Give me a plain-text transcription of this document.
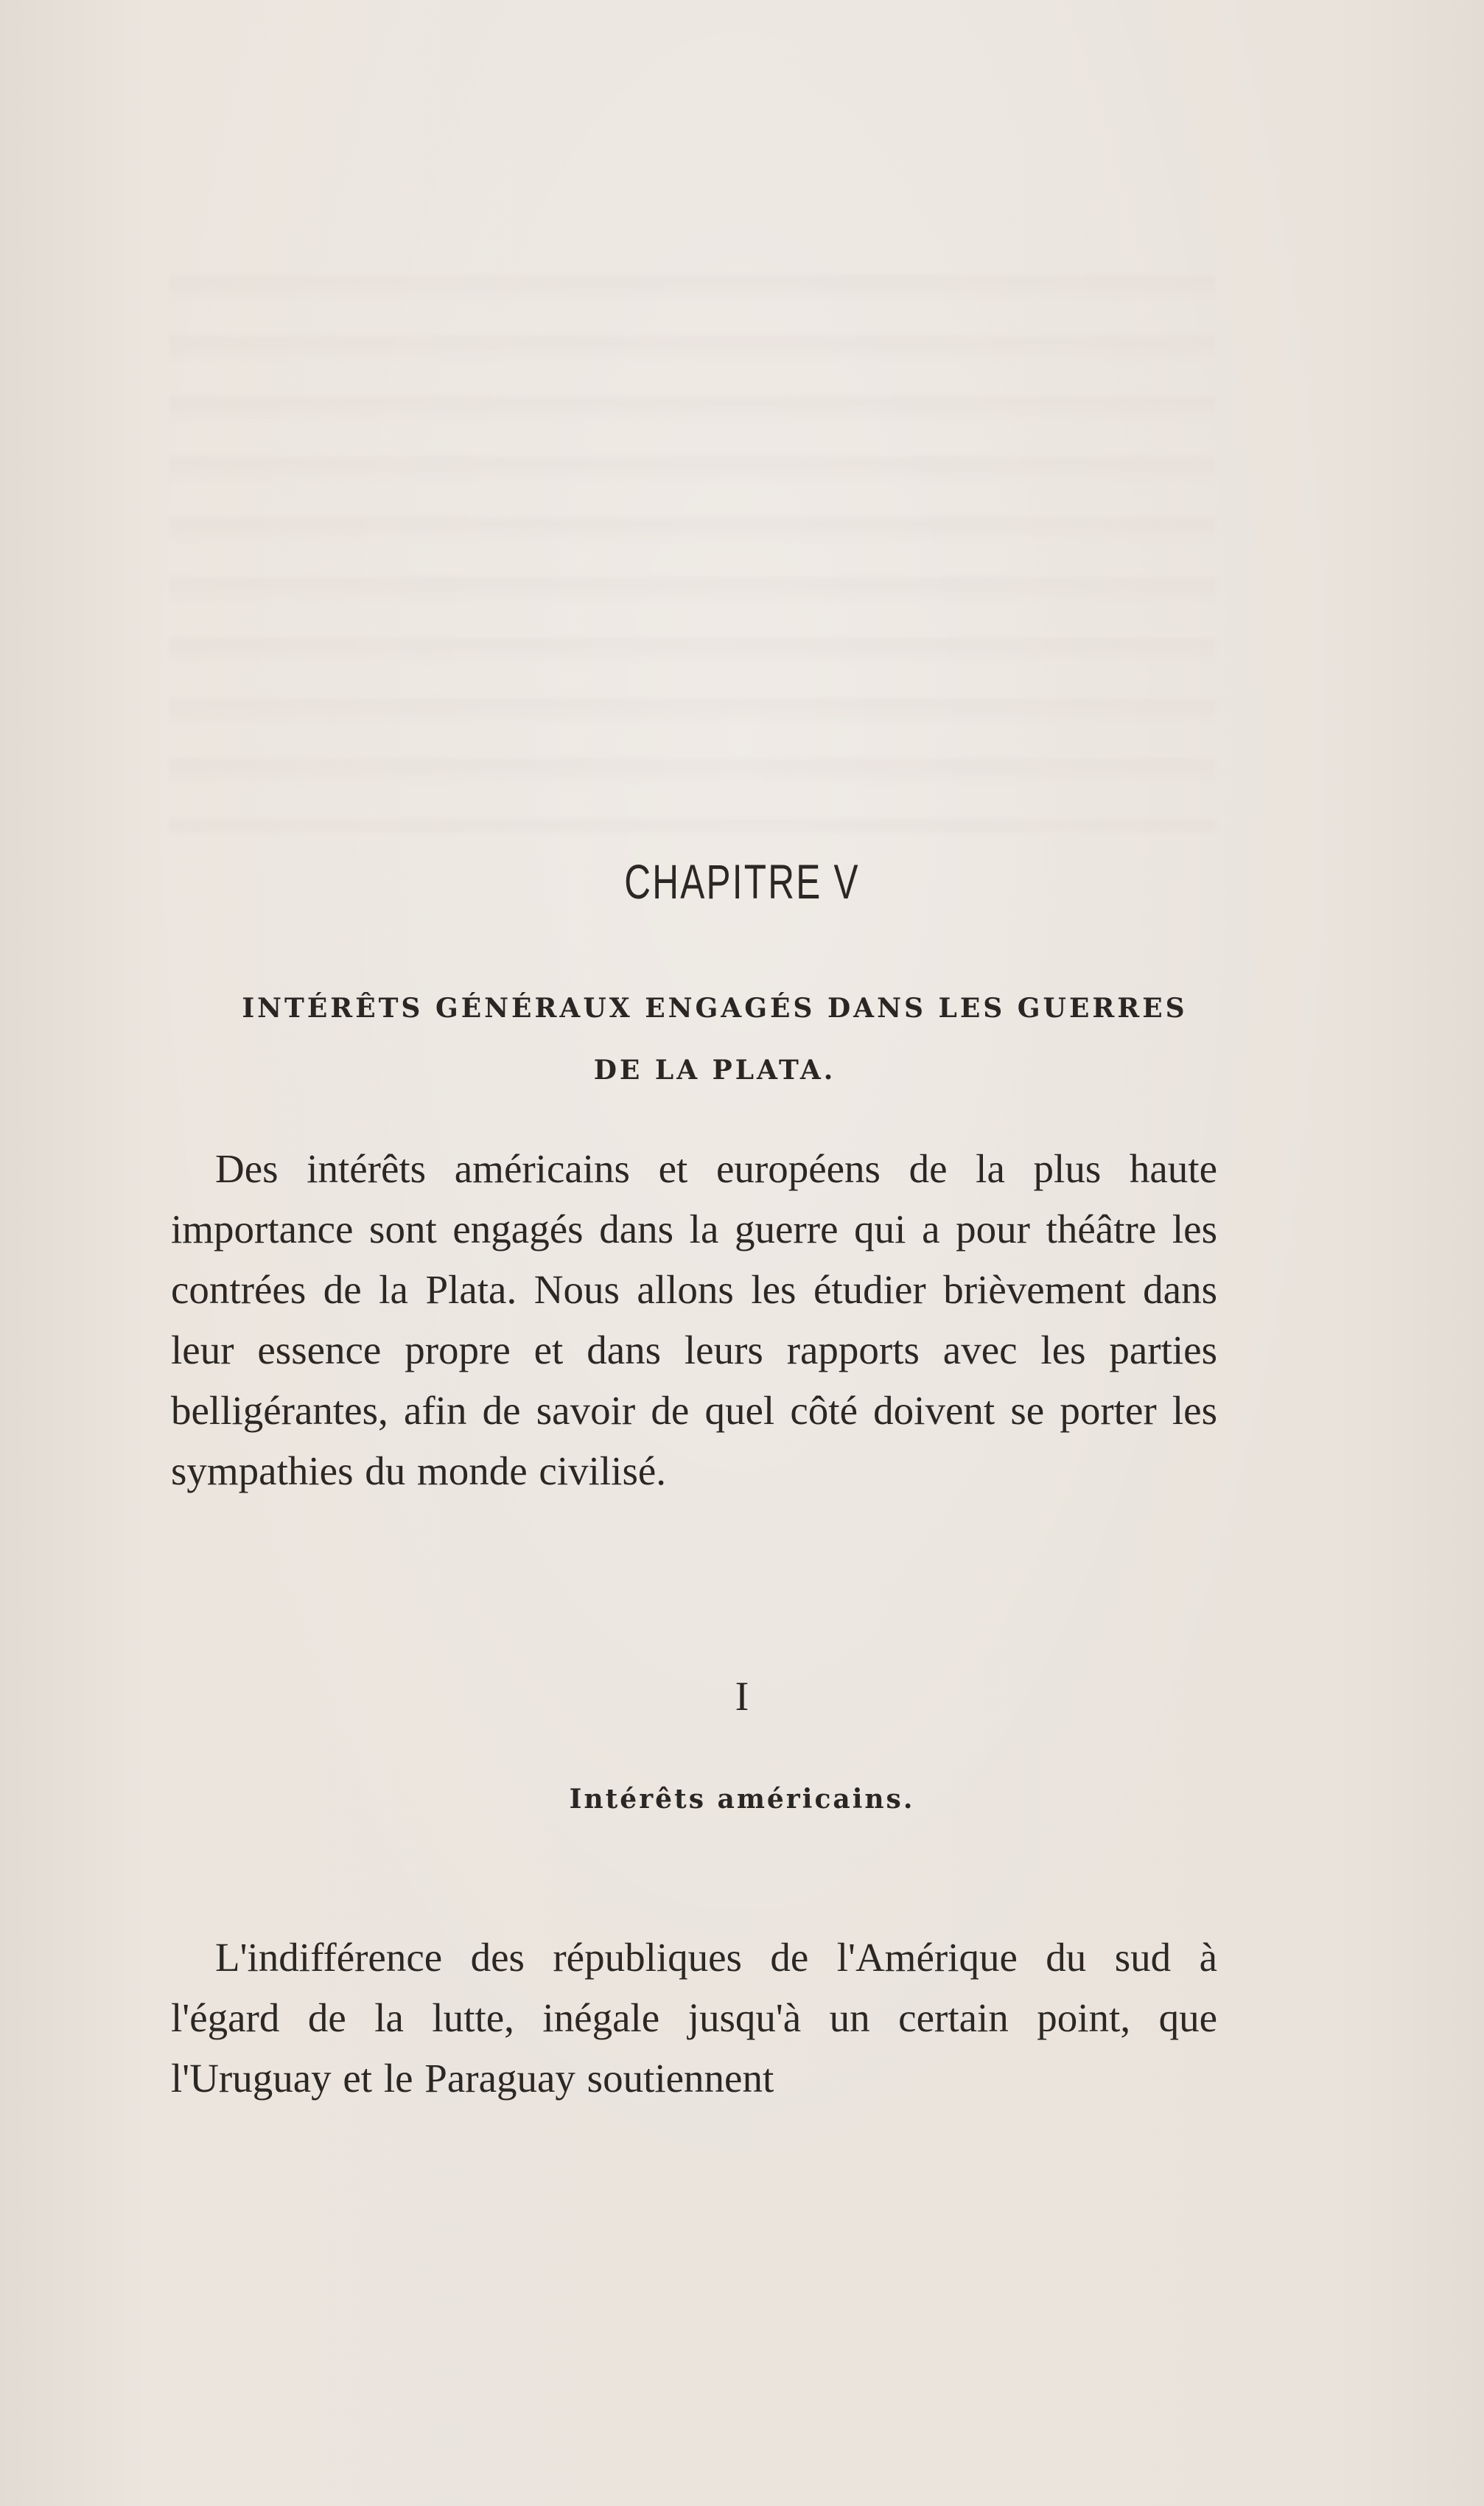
CHAPITRE V
INTÉRÊTS GÉNÉRAUX ENGAGÉS DANS LES GUERRES DE LA PLATA.
Des intérêts américains et européens de la plus haute importance sont engagés dans la guerre qui a pour théâtre les contrées de la Plata. Nous allons les étudier brièvement dans leur essence propre et dans leurs rapports avec les parties belligérantes, afin de savoir de quel côté doivent se porter les sympathies du monde civilisé.
I
Intérêts américains.
L'indifférence des républiques de l'Amérique du sud à l'égard de la lutte, inégale jusqu'à un certain point, que l'Uruguay et le Paraguay soutiennent
